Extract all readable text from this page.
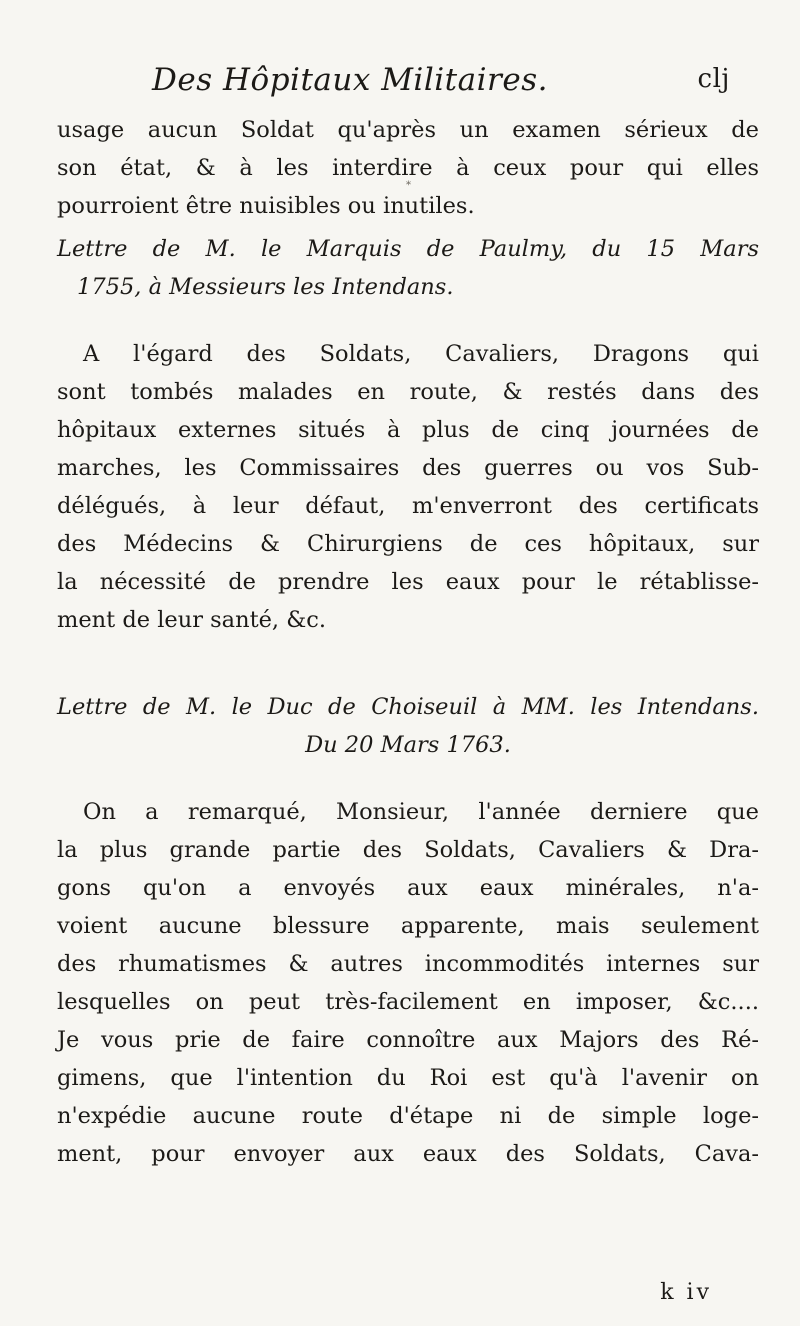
Des Hôpitaux Militaires.	clj
usage aucun Soldat qu'après un examen sérieux de
son état, & à les interdire à ceux pour qui elles
pourroient être nuisibles ou inutiles.
*
Lettre de M. le Marquis de Paulmy, du 15 Mars
1755, à Messieurs les Intendans.
A l'égard des Soldats, Cavaliers, Dragons qui
sont tombés malades en route, & restés dans des
hôpitaux externes situés à plus de cinq journées de
marches, les Commissaires des guerres ou vos Sub-
délégués, à leur défaut, m'enverront des certificats
des Médecins & Chirurgiens de ces hôpitaux, sur
la nécessité de prendre les eaux pour le rétablisse-
ment de leur santé, &c.
Lettre de M. le Duc de Choiseuil à MM. les Intendans.
Du 20 Mars 1763.
On a remarqué, Monsieur, l'année derniere que
la plus grande partie des Soldats, Cavaliers & Dra-
gons qu'on a envoyés aux eaux minérales, n'a-
voient aucune blessure apparente, mais seulement
des rhumatismes & autres incommodités internes sur
lesquelles on peut très-facilement en imposer, &c....
Je vous prie de faire connoître aux Majors des Ré-
gimens, que l'intention du Roi est qu'à l'avenir on
n'expédie aucune route d'étape ni de simple loge-
ment, pour envoyer aux eaux des Soldats, Cava-
k iv
